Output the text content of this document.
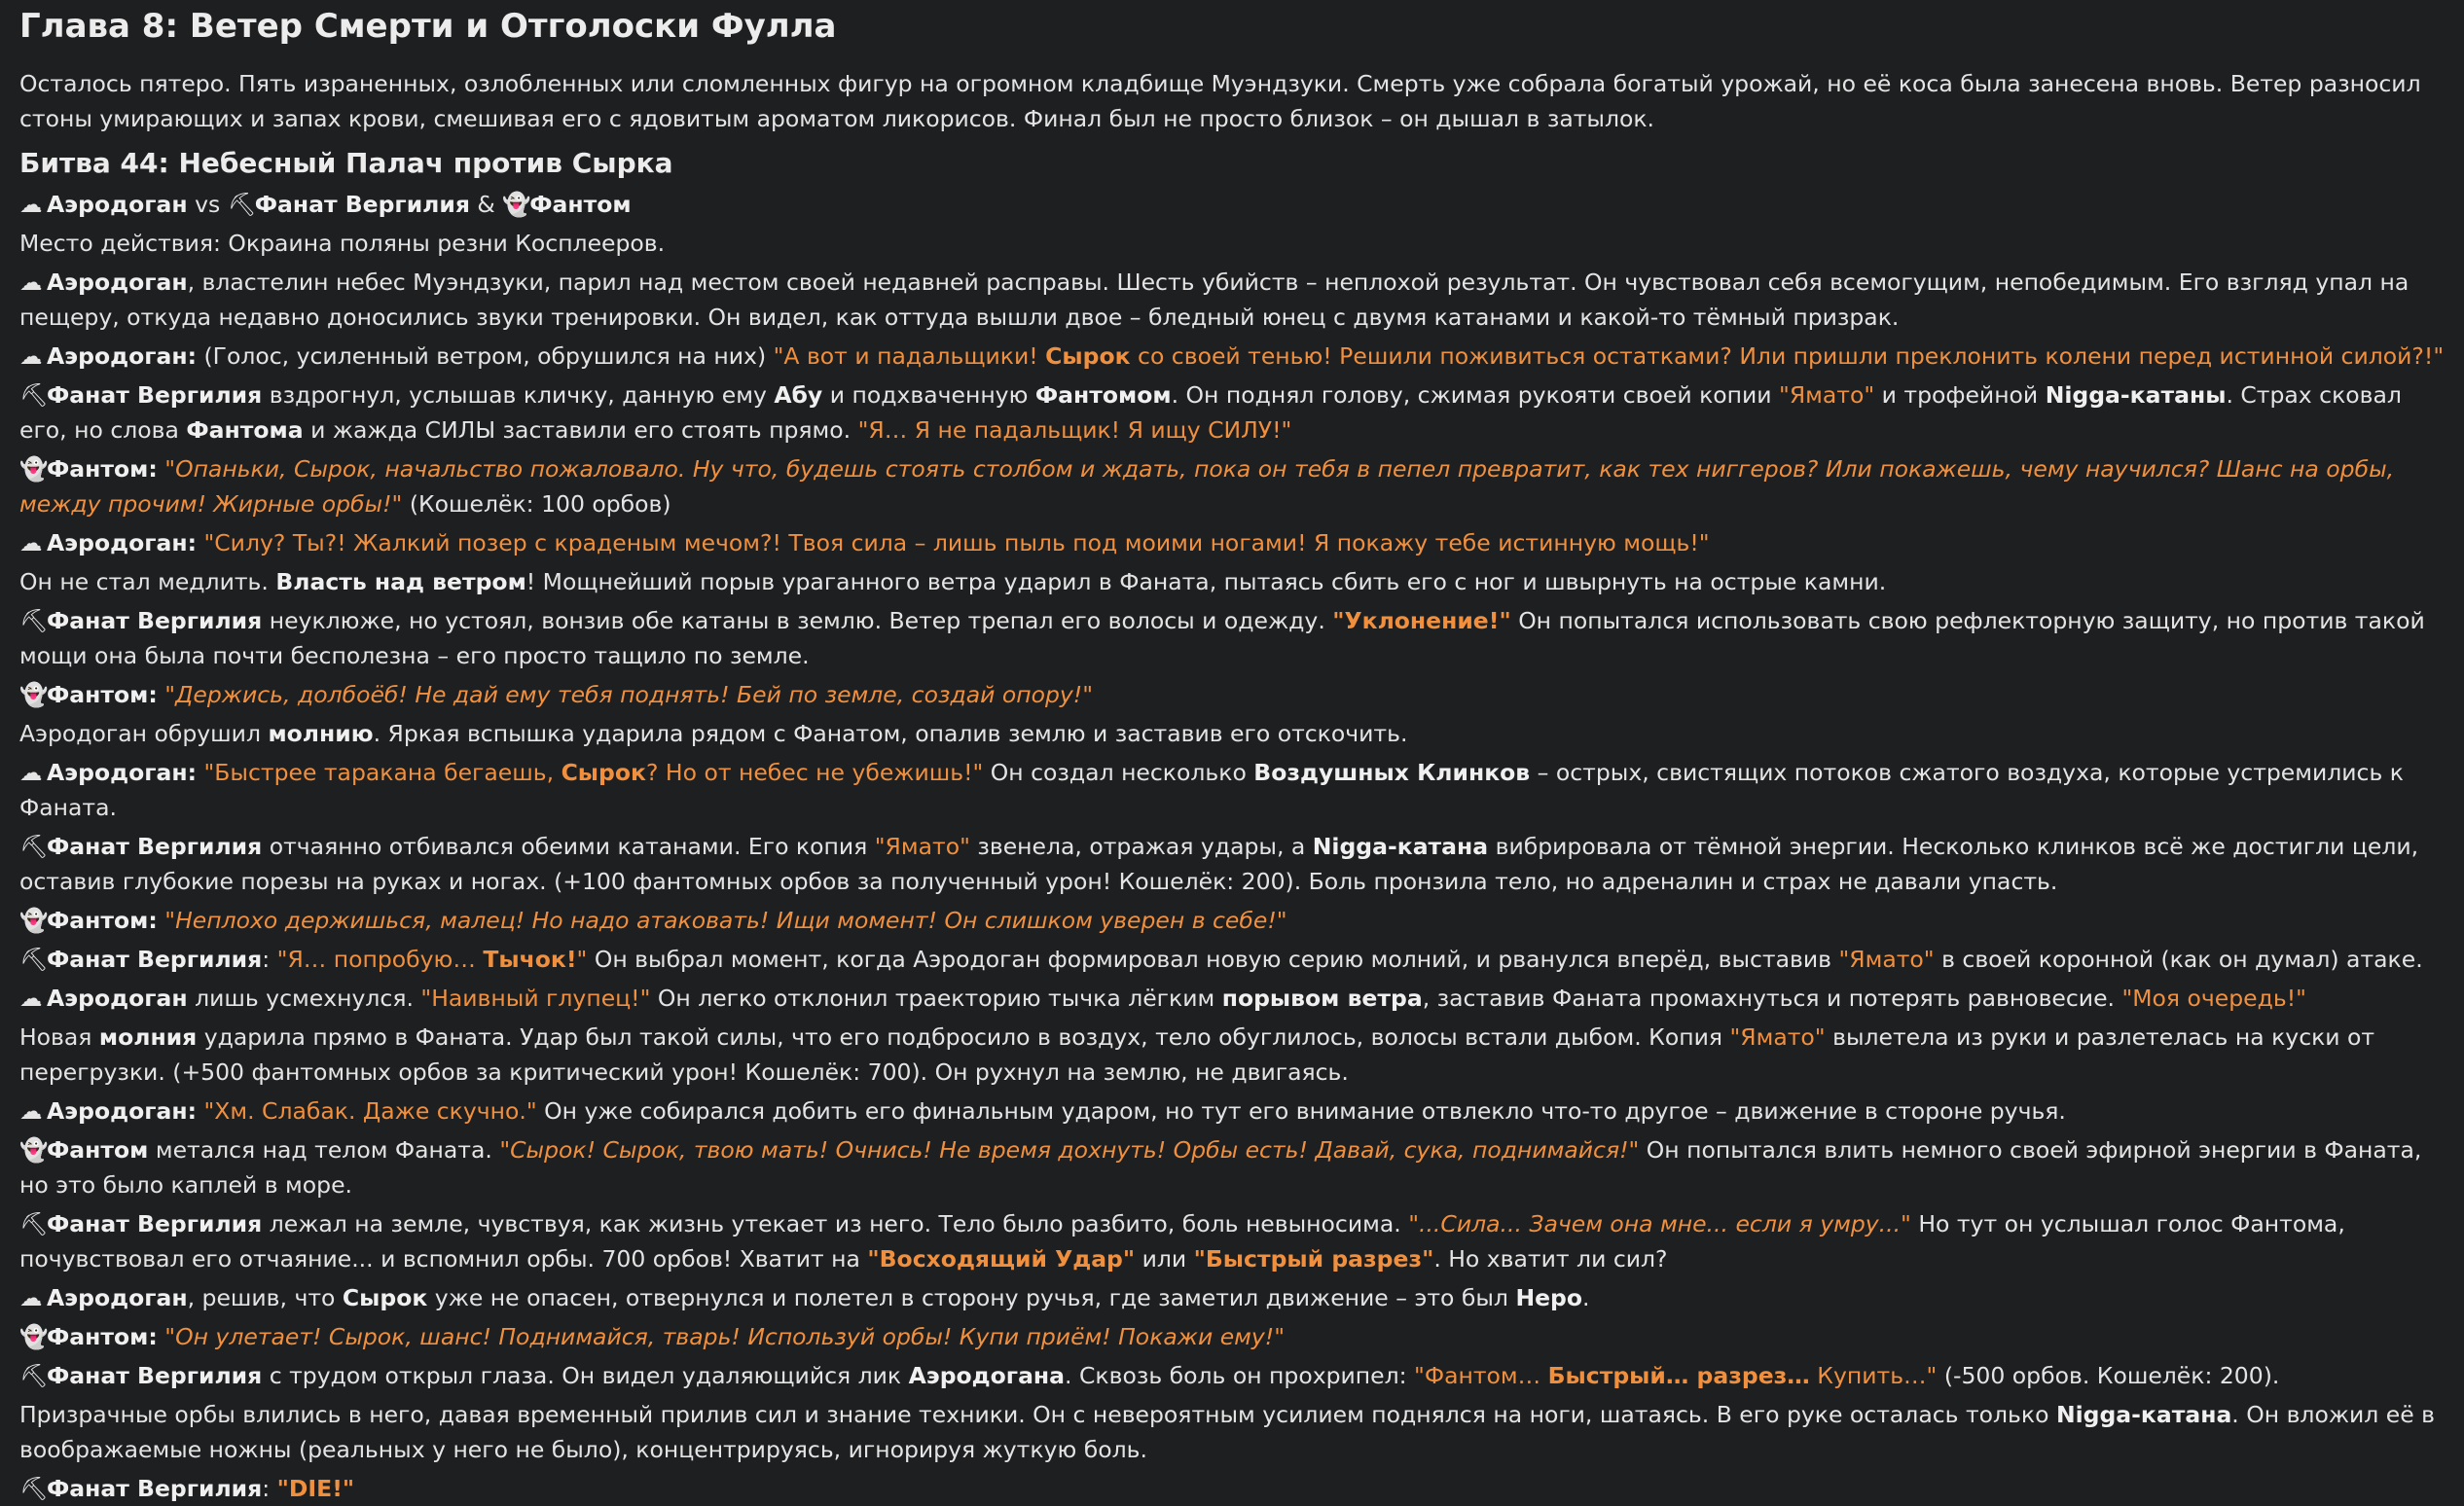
Глава 8: Ветер Смерти и Отголоски Фулла

Осталось пятеро. Пять израненных, озлобленных или сломленных фигур на огромном кладбище Муэндзуки. Смерть уже собрала богатый урожай, но её коса была занесена вновь. Ветер разносил стоны умирающих и запах крови, смешивая его с ядовитым ароматом ликорисов. Финал был не просто близок – он дышал в затылок.

Битва 44: Небесный Палач против Сырка

☁ Аэродоган vs ⛏Фанат Вергилия & 👻Фантом

Место действия: Окраина поляны резни Косплееров.

☁ Аэродоган, властелин небес Муэндзуки, парил над местом своей недавней расправы. Шесть убийств – неплохой результат. Он чувствовал себя всемогущим, непобедимым. Его взгляд упал на пещеру, откуда недавно доносились звуки тренировки. Он видел, как оттуда вышли двое – бледный юнец с двумя катанами и какой-то тёмный призрак.

☁ Аэродоган: (Голос, усиленный ветром, обрушился на них) "А вот и падальщики! Сырок со своей тенью! Решили поживиться остатками? Или пришли преклонить колени перед истинной силой?!"

⛏Фанат Вергилия вздрогнул, услышав кличку, данную ему Абу и подхваченную Фантомом. Он поднял голову, сжимая рукояти своей копии "Ямато" и трофейной Nigga-катаны. Страх сковал его, но слова Фантома и жажда СИЛЫ заставили его стоять прямо. "Я… Я не падальщик! Я ищу СИЛУ!"

👻Фантом: "Опаньки, Сырок, начальство пожаловало. Ну что, будешь стоять столбом и ждать, пока он тебя в пепел превратит, как тех ниггеров? Или покажешь, чему научился? Шанс на орбы, между прочим! Жирные орбы!" (Кошелёк: 100 орбов)

☁ Аэродоган: "Силу? Ты?! Жалкий позер с краденым мечом?! Твоя сила – лишь пыль под моими ногами! Я покажу тебе истинную мощь!"

Он не стал медлить. Власть над ветром! Мощнейший порыв ураганного ветра ударил в Фаната, пытаясь сбить его с ног и швырнуть на острые камни.

⛏Фанат Вергилия неуклюже, но устоял, вонзив обе катаны в землю. Ветер трепал его волосы и одежду. "Уклонение!" Он попытался использовать свою рефлекторную защиту, но против такой мощи она была почти бесполезна – его просто тащило по земле.

👻Фантом: "Держись, долбоёб! Не дай ему тебя поднять! Бей по земле, создай опору!"

Аэродоган обрушил молнию. Яркая вспышка ударила рядом с Фанатом, опалив землю и заставив его отскочить.

☁ Аэродоган: "Быстрее таракана бегаешь, Сырок? Но от небес не убежишь!" Он создал несколько Воздушных Клинков – острых, свистящих потоков сжатого воздуха, которые устремились к Фаната.

⛏Фанат Вергилия отчаянно отбивался обеими катанами. Его копия "Ямато" звенела, отражая удары, а Nigga-катана вибрировала от тёмной энергии. Несколько клинков всё же достигли цели, оставив глубокие порезы на руках и ногах. (+100 фантомных орбов за полученный урон! Кошелёк: 200). Боль пронзила тело, но адреналин и страх не давали упасть.

👻Фантом: "Неплохо держишься, малец! Но надо атаковать! Ищи момент! Он слишком уверен в себе!"

⛏Фанат Вергилия: "Я… попробую… Тычок!" Он выбрал момент, когда Аэродоган формировал новую серию молний, и рванулся вперёд, выставив "Ямато" в своей коронной (как он думал) атаке.

☁ Аэродоган лишь усмехнулся. "Наивный глупец!" Он легко отклонил траекторию тычка лёгким порывом ветра, заставив Фаната промахнуться и потерять равновесие. "Моя очередь!"

Новая молния ударила прямо в Фаната. Удар был такой силы, что его подбросило в воздух, тело обуглилось, волосы встали дыбом. Копия "Ямато" вылетела из руки и разлетелась на куски от перегрузки. (+500 фантомных орбов за критический урон! Кошелёк: 700). Он рухнул на землю, не двигаясь.

☁ Аэродоган: "Хм. Слабак. Даже скучно." Он уже собирался добить его финальным ударом, но тут его внимание отвлекло что-то другое – движение в стороне ручья.

👻Фантом метался над телом Фаната. "Сырок! Сырок, твою мать! Очнись! Не время дохнуть! Орбы есть! Давай, сука, поднимайся!" Он попытался влить немного своей эфирной энергии в Фаната, но это было каплей в море.

⛏Фанат Вергилия лежал на земле, чувствуя, как жизнь утекает из него. Тело было разбито, боль невыносима. "...Сила... Зачем она мне... если я умру..." Но тут он услышал голос Фантома, почувствовал его отчаяние... и вспомнил орбы. 700 орбов! Хватит на "Восходящий Удар" или "Быстрый разрез". Но хватит ли сил?

☁ Аэродоган, решив, что Сырок уже не опасен, отвернулся и полетел в сторону ручья, где заметил движение – это был Неро.

👻Фантом: "Он улетает! Сырок, шанс! Поднимайся, тварь! Используй орбы! Купи приём! Покажи ему!"

⛏Фанат Вергилия с трудом открыл глаза. Он видел удаляющийся лик Аэродогана. Сквозь боль он прохрипел: "Фантом… Быстрый… разрез… Купить…" (-500 орбов. Кошелёк: 200).

Призрачные орбы влились в него, давая временный прилив сил и знание техники. Он с невероятным усилием поднялся на ноги, шатаясь. В его руке осталась только Nigga-катана. Он вложил её в воображаемые ножны (реальных у него не было), концентрируясь, игнорируя жуткую боль.

⛏Фанат Вергилия: "DIE!"
